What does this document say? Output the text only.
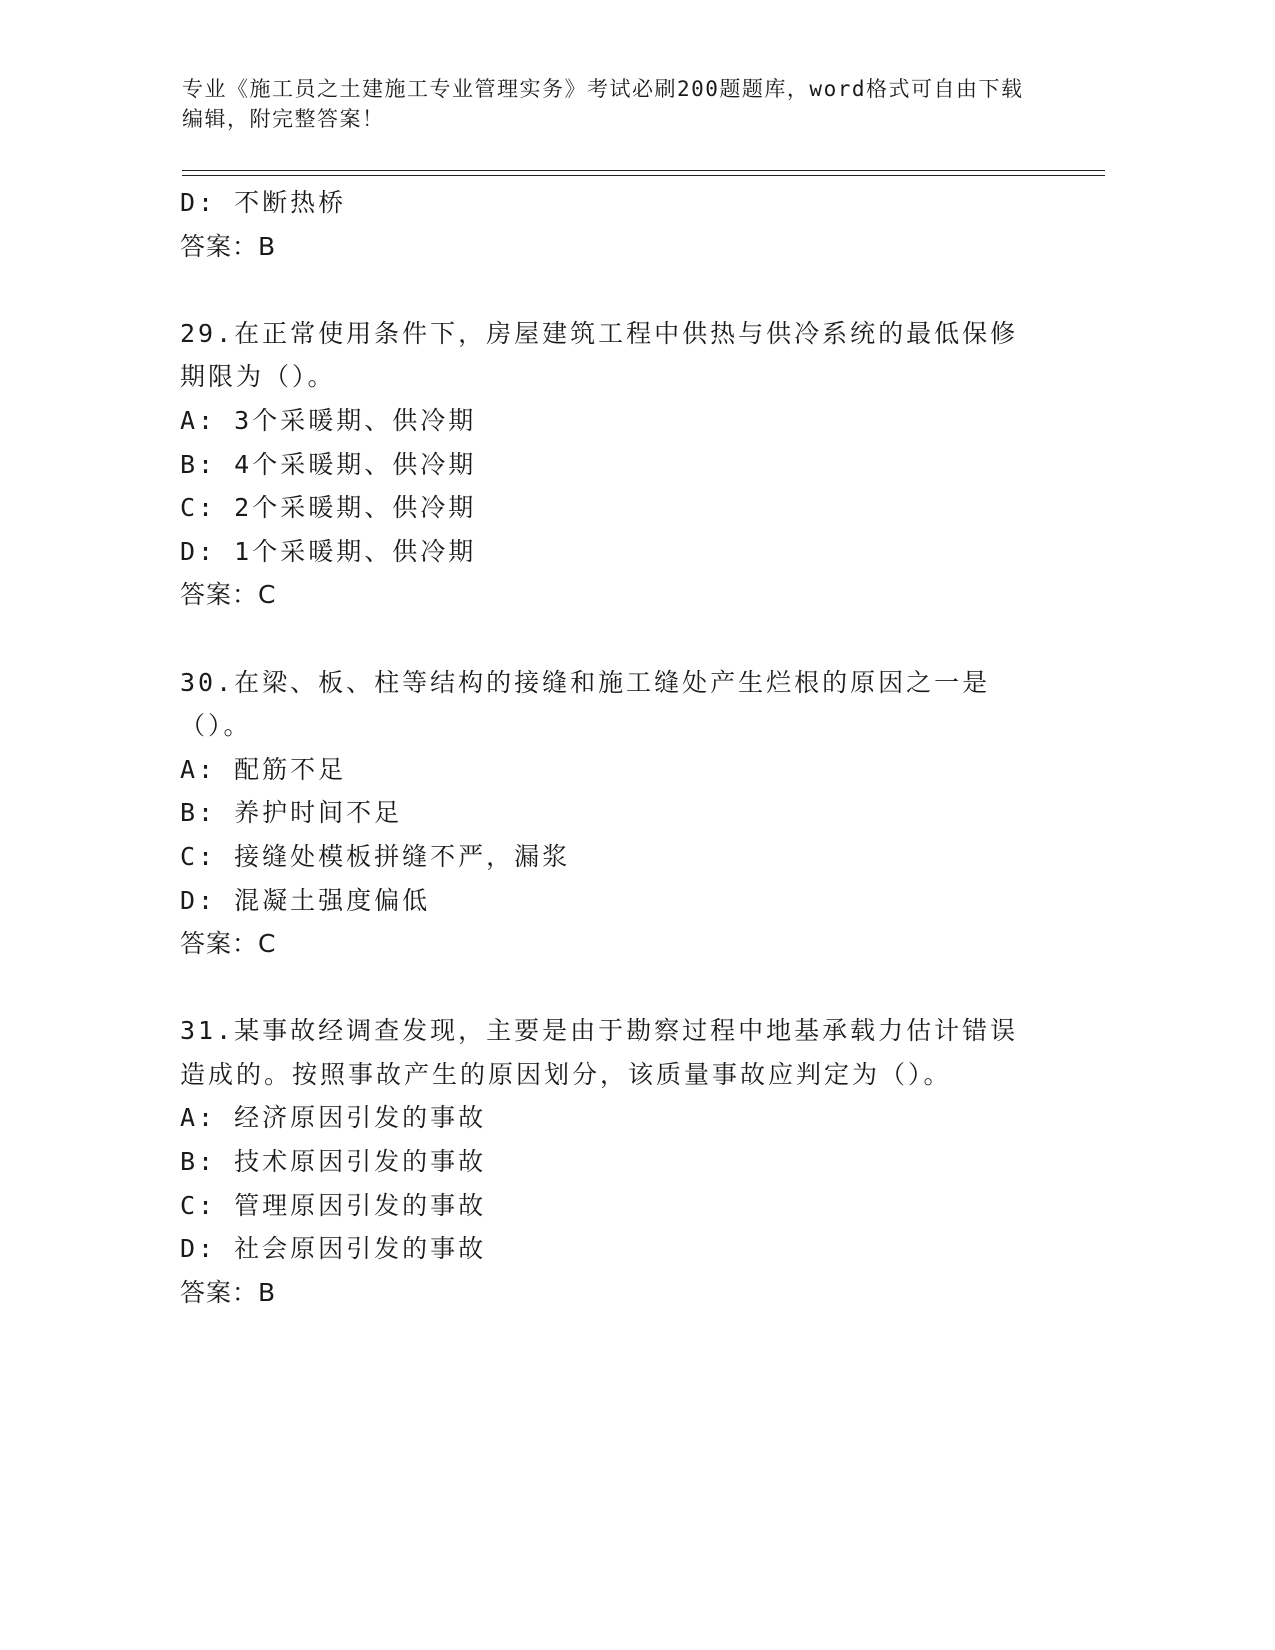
专业《施工员之土建施工专业管理实务》考试必刷200题题库，word格式可自由下载编辑，附完整答案！
D: 不断热桥
答案：B
29.在正常使用条件下，房屋建筑工程中供热与供冷系统的最低保修期限为（）。
A: 3个采暖期、供冷期
B: 4个采暖期、供冷期
C: 2个采暖期、供冷期
D: 1个采暖期、供冷期
答案：C
30.在梁、板、柱等结构的接缝和施工缝处产生烂根的原因之一是（）。
A: 配筋不足
B: 养护时间不足
C: 接缝处模板拼缝不严，漏浆
D: 混凝土强度偏低
答案：C
31.某事故经调查发现，主要是由于勘察过程中地基承载力估计错误造成的。按照事故产生的原因划分，该质量事故应判定为（）。
A: 经济原因引发的事故
B: 技术原因引发的事故
C: 管理原因引发的事故
D: 社会原因引发的事故
答案：B
